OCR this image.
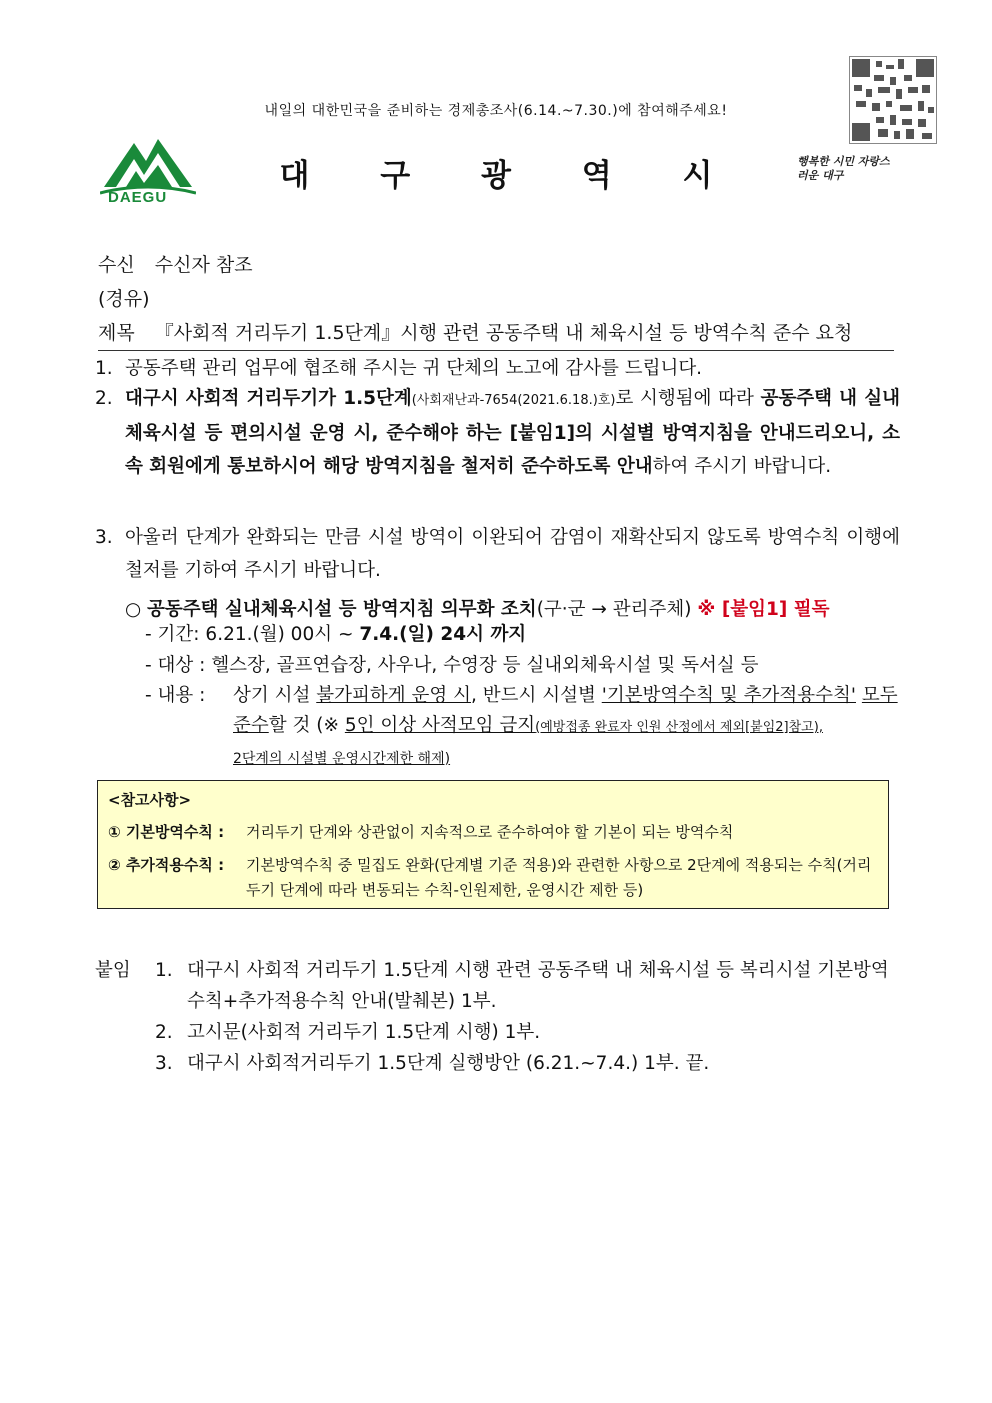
내일의 대한민국을 준비하는 경제총조사(6.14.~7.30.)에 참여해주세요!
DAEGU
대 구 광 역 시	행복한 시민 자랑스러운 대구
수신 수신자 참조
(경유)
제목 『사회적 거리두기 1.5단계』시행 관련 공동주택 내 체육시설 등 방역수칙 준수 요청
1. 공동주택 관리 업무에 협조해 주시는 귀 단체의 노고에 감사를 드립니다.
2. 대구시 사회적 거리두기가 1.5단계(사회재난과-7654(2021.6.18.)호)로 시행됨에 따라 공동주택 내 실내체육시설 등 편의시설 운영 시, 준수해야 하는 [붙임1]의 시설별 방역지침을 안내드리오니, 소속 회원에게 통보하시어 해당 방역지침을 철저히 준수하도록 안내하여 주시기 바랍니다.
3. 아울러 단계가 완화되는 만큼 시설 방역이 이완되어 감염이 재확산되지 않도록 방역수칙 이행에 철저를 기하여 주시기 바랍니다.
○ 공동주택 실내체육시설 등 방역지침 의무화 조치(구·군 → 관리주체) ※ [붙임1] 필독
- 기간: 6.21.(월) 00시 ~ 7.4.(일) 24시 까지
- 대상 : 헬스장, 골프연습장, 사우나, 수영장 등 실내외체육시설 및 독서실 등
- 내용 :	상기 시설 불가피하게 운영 시, 반드시 시설별 '기본방역수칙 및 추가적용수칙' 모두 준수할 것 (※ 5인 이상 사적모임 금지(예방접종 완료자 인원 산정에서 제외[붙임2]참고),
2단계의 시설별 운영시간제한 해제)
<참고사항>
① 기본방역수칙 :	거리두기 단계와 상관없이 지속적으로 준수하여야 할 기본이 되는 방역수칙
② 추가적용수칙 :	기본방역수칙 중 밀집도 완화(단계별 기준 적용)와 관련한 사항으로 2단계에 적용되는 수칙(거리두기 단계에 따라 변동되는 수칙-인원제한, 운영시간 제한 등)
붙임	1. 대구시 사회적 거리두기 1.5단계 시행 관련 공동주택 내 체육시설 등 복리시설 기본방역수칙+추가적용수칙 안내(발췌본) 1부.
2. 고시문(사회적 거리두기 1.5단계 시행) 1부.
3. 대구시 사회적거리두기 1.5단계 실행방안 (6.21.~7.4.) 1부. 끝.
